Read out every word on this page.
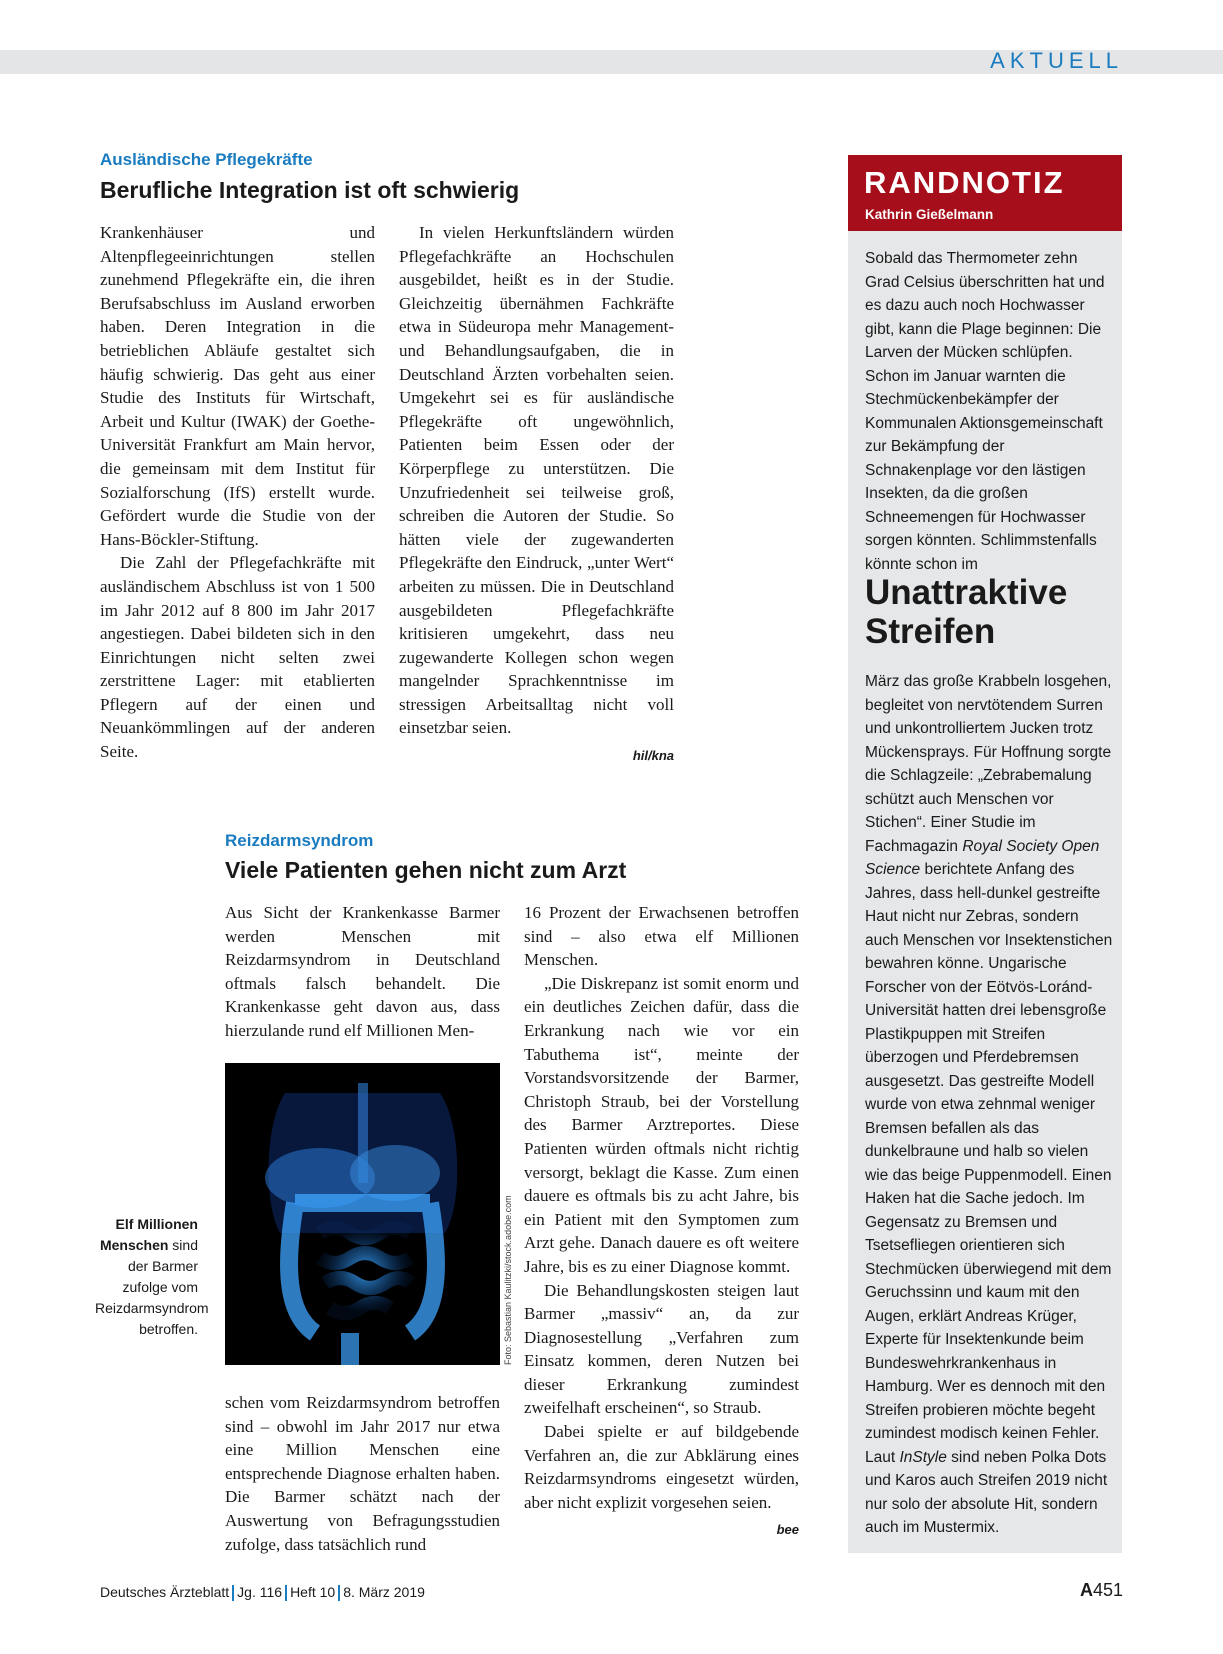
AKTUELL
Ausländische Pflegekräfte
Berufliche Integration ist oft schwierig

Krankenhäuser und Altenpflegeeinrichtungen stellen zunehmend Pflegekräfte ein, die ihren Berufsabschluss im Ausland erworben haben. Deren Integration in die betrieblichen Abläufe gestaltet sich häufig schwierig. Das geht aus einer Studie des Instituts für Wirtschaft, Arbeit und Kultur (IWAK) der Goethe-Universität Frankfurt am Main hervor, die gemeinsam mit dem Institut für Sozialforschung (IfS) erstellt wurde. Gefördert wurde die Studie von der Hans-Böckler-Stiftung.

Die Zahl der Pflegefachkräfte mit ausländischem Abschluss ist von 1 500 im Jahr 2012 auf 8 800 im Jahr 2017 angestiegen. Dabei bildeten sich in den Einrichtungen nicht selten zwei zerstrittene Lager: mit etablierten Pflegern auf der einen und Neuankömmlingen auf der anderen Seite.

In vielen Herkunftsländern würden Pflegefachkräfte an Hochschulen ausgebildet, heißt es in der Studie. Gleichzeitig übernähmen Fachkräfte etwa in Südeuropa mehr Management- und Behandlungsaufgaben, die in Deutschland Ärzten vorbehalten seien. Umgekehrt sei es für ausländische Pflegekräfte oft ungewöhnlich, Patienten beim Essen oder der Körperpflege zu unterstützen. Die Unzufriedenheit sei teilweise groß, schreiben die Autoren der Studie. So hätten viele der zugewanderten Pflegekräfte den Eindruck, „unter Wert“ arbeiten zu müssen. Die in Deutschland ausgebildeten Pflegefachkräfte kritisieren umgekehrt, dass neu zugewanderte Kollegen schon wegen mangelnder Sprachkenntnisse im stressigen Arbeitsalltag nicht voll einsetzbar seien.

hil/kna
Reizdarmsyndrom
Viele Patienten gehen nicht zum Arzt

Aus Sicht der Krankenkasse Barmer werden Menschen mit Reizdarmsyndrom in Deutschland oftmals falsch behandelt. Die Krankenkasse geht davon aus, dass hierzulande rund elf Millionen Men-

Foto: Sebastian Kaulitzki/stock.adobe.com
Elf Millionen Menschen sind der Barmer zufolge vom Reizdarmsyndrom betroffen.

schen vom Reizdarmsyndrom betroffen sind – obwohl im Jahr 2017 nur etwa eine Million Menschen eine entsprechende Diagnose erhalten haben. Die Barmer schätzt nach der Auswertung von Befragungsstudien zufolge, dass tatsächlich rund

16 Prozent der Erwachsenen betroffen sind – also etwa elf Millionen Menschen.

„Die Diskrepanz ist somit enorm und ein deutliches Zeichen dafür, dass die Erkrankung nach wie vor ein Tabuthema ist“, meinte der Vorstandsvorsitzende der Barmer, Christoph Straub, bei der Vorstellung des Barmer Arztreportes. Diese Patienten würden oftmals nicht richtig versorgt, beklagt die Kasse. Zum einen dauere es oftmals bis zu acht Jahre, bis ein Patient mit den Symptomen zum Arzt gehe. Danach dauere es oft weitere Jahre, bis es zu einer Diagnose kommt.

Die Behandlungskosten steigen laut Barmer „massiv“ an, da zur Diagnosestellung „Verfahren zum Einsatz kommen, deren Nutzen bei dieser Erkrankung zumindest zweifelhaft erscheinen“, so Straub.

Dabei spielte er auf bildgebende Verfahren an, die zur Abklärung eines Reizdarmsyndroms eingesetzt würden, aber nicht explizit vorgesehen seien.

bee
RANDNOTIZ
Kathrin Gießelmann
Sobald das Thermometer zehn Grad Celsius überschritten hat und es dazu auch noch Hochwasser gibt, kann die Plage beginnen: Die Larven der Mücken schlüpfen. Schon im Januar warnten die Stechmückenbekämpfer der Kommunalen Aktionsgemeinschaft zur Bekämpfung der Schnakenplage vor den lästigen Insekten, da die großen Schneemengen für Hochwasser sorgen könnten. Schlimmstenfalls könnte schon im
Unattraktive
Streifen
März das große Krabbeln losgehen, begleitet von nervtötendem Surren und unkontrolliertem Jucken trotz Mückensprays. Für Hoffnung sorgte die Schlagzeile: „Zebrabemalung schützt auch Menschen vor Stichen“. Einer Studie im Fachmagazin Royal Society Open Science berichtete Anfang des Jahres, dass hell-dunkel gestreifte Haut nicht nur Zebras, sondern auch Menschen vor Insektenstichen bewahren könne. Ungarische Forscher von der Eötvös-Loránd-Universität hatten drei lebensgroße Plastikpuppen mit Streifen überzogen und Pferdebremsen ausgesetzt. Das gestreifte Modell wurde von etwa zehnmal weniger Bremsen befallen als das dunkelbraune und halb so vielen wie das beige Puppenmodell. Einen Haken hat die Sache jedoch. Im Gegensatz zu Bremsen und Tsetsefliegen orientieren sich Stechmücken überwiegend mit dem Geruchssinn und kaum mit den Augen, erklärt Andreas Krüger, Experte für Insektenkunde beim Bundeswehrkrankenhaus in Hamburg. Wer es dennoch mit den Streifen probieren möchte begeht zumindest modisch keinen Fehler. Laut InStyle sind neben Polka Dots und Karos auch Streifen 2019 nicht nur solo der absolute Hit, sondern auch im Mustermix.
Deutsches Ärzteblatt Jg. 116 Heft 10 8. März 2019	A451
